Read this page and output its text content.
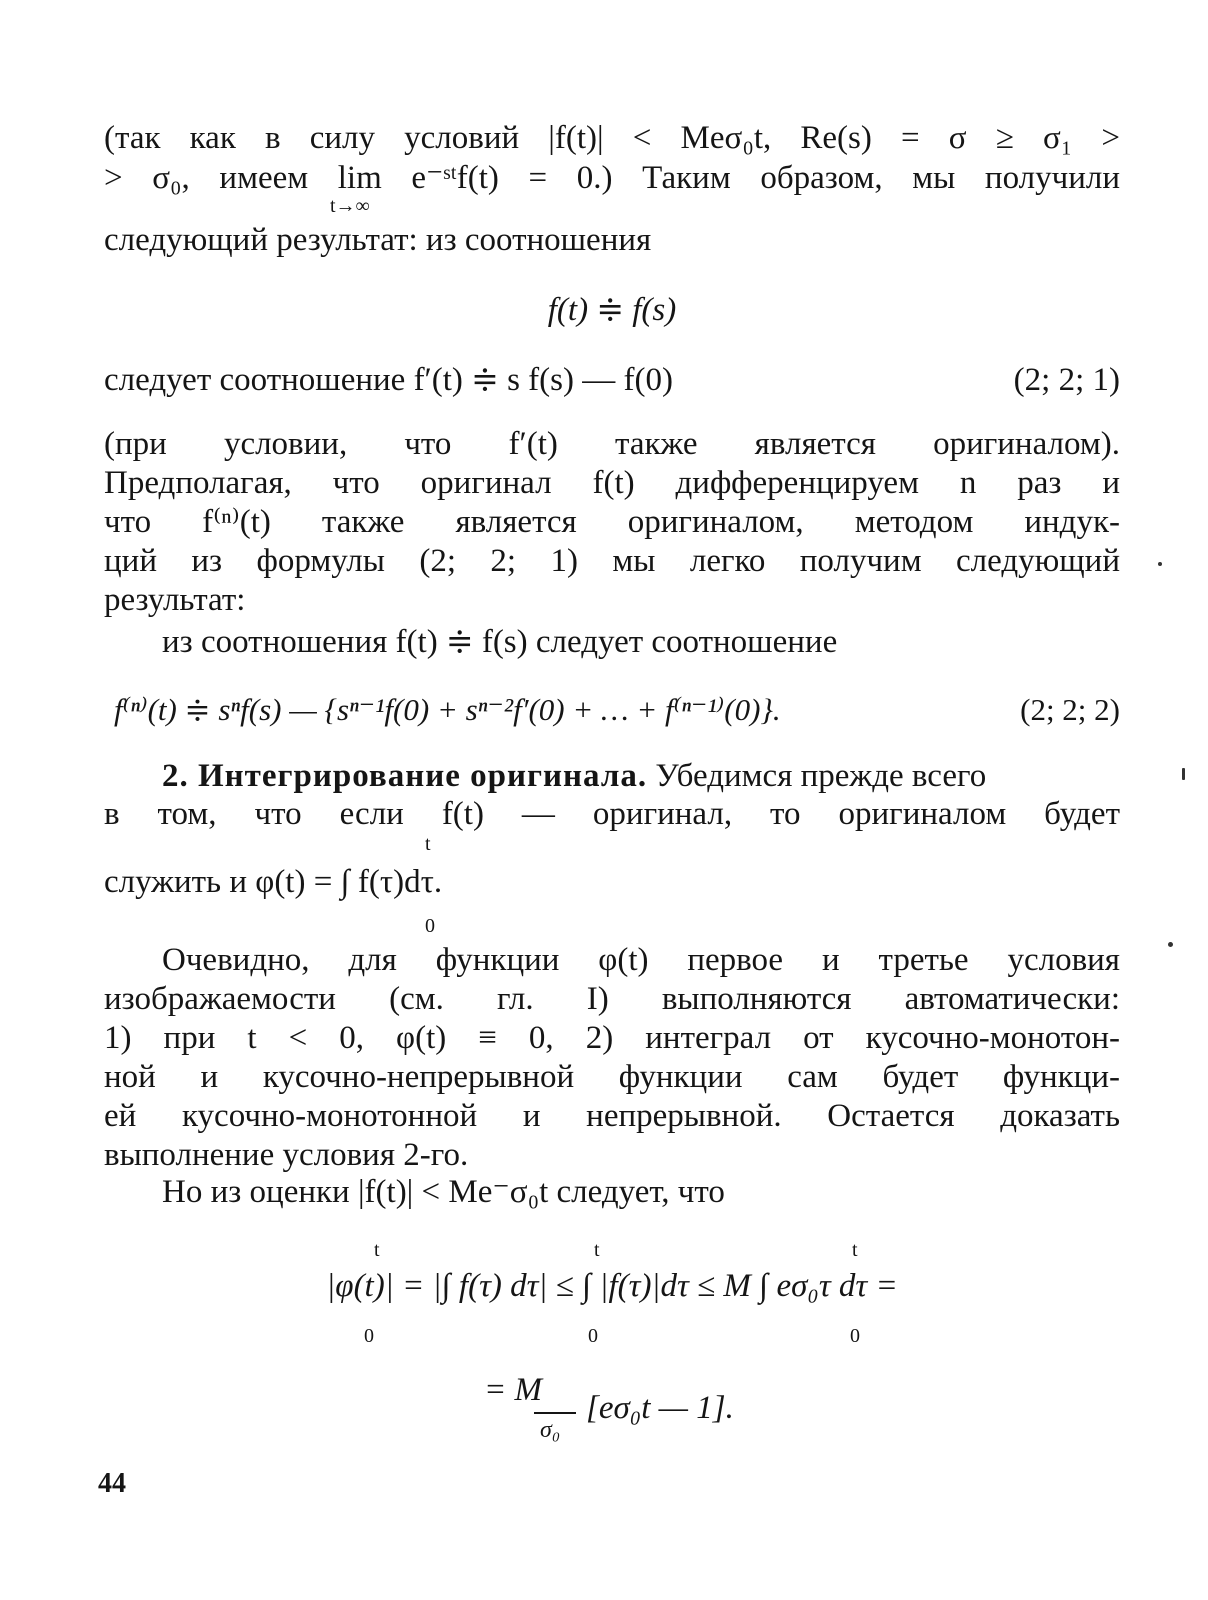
(так как в силу условий |f(t)| < Meσ₀t, Re(s) = σ ≥ σ₁ >
> σ₀, имеем lim e⁻ˢᵗf(t) = 0.) Таким образом, мы получили
t→∞
следующий результат: из соотношения
f(t) ≑ f(s)
следует соотношение f′(t) ≑ s f(s) — f(0)	(2; 2; 1)
(при условии, что f′(t) также является оригиналом).
Предполагая, что оригинал f(t) дифференцируем n раз и
что f⁽ⁿ⁾(t) также является оригиналом, методом индук-
ций из формулы (2; 2; 1) мы легко получим следующий
результат:
из соотношения f(t) ≑ f(s) следует соотношение
f⁽ⁿ⁾(t) ≑ sⁿf(s) — {sⁿ⁻¹f(0) + sⁿ⁻²f′(0) + … + f⁽ⁿ⁻¹⁾(0)}.	(2; 2; 2)
2. Интегрирование оригинала. Убедимся прежде всего
в том, что если f(t) — оригинал, то оригиналом будет
t
служить и φ(t) = ∫ f(τ)dτ.
0
Очевидно, для функции φ(t) первое и третье условия
изображаемости (см. гл. I) выполняются автоматически:
1) при t < 0, φ(t) ≡ 0, 2) интеграл от кусочно-монотон-
ной и кусочно-непрерывной функции сам будет функци-
ей кусочно-монотонной и непрерывной. Остается доказать
выполнение условия 2-го.
Но из оценки |f(t)| < Me⁻σ₀t следует, что
t	t	t
|φ(t)| = |∫ f(τ) dτ| ≤ ∫ |f(τ)|dτ ≤ M ∫ eσ₀τ dτ =
0	0	0
= M
σ₀
[eσ₀t — 1].
44
